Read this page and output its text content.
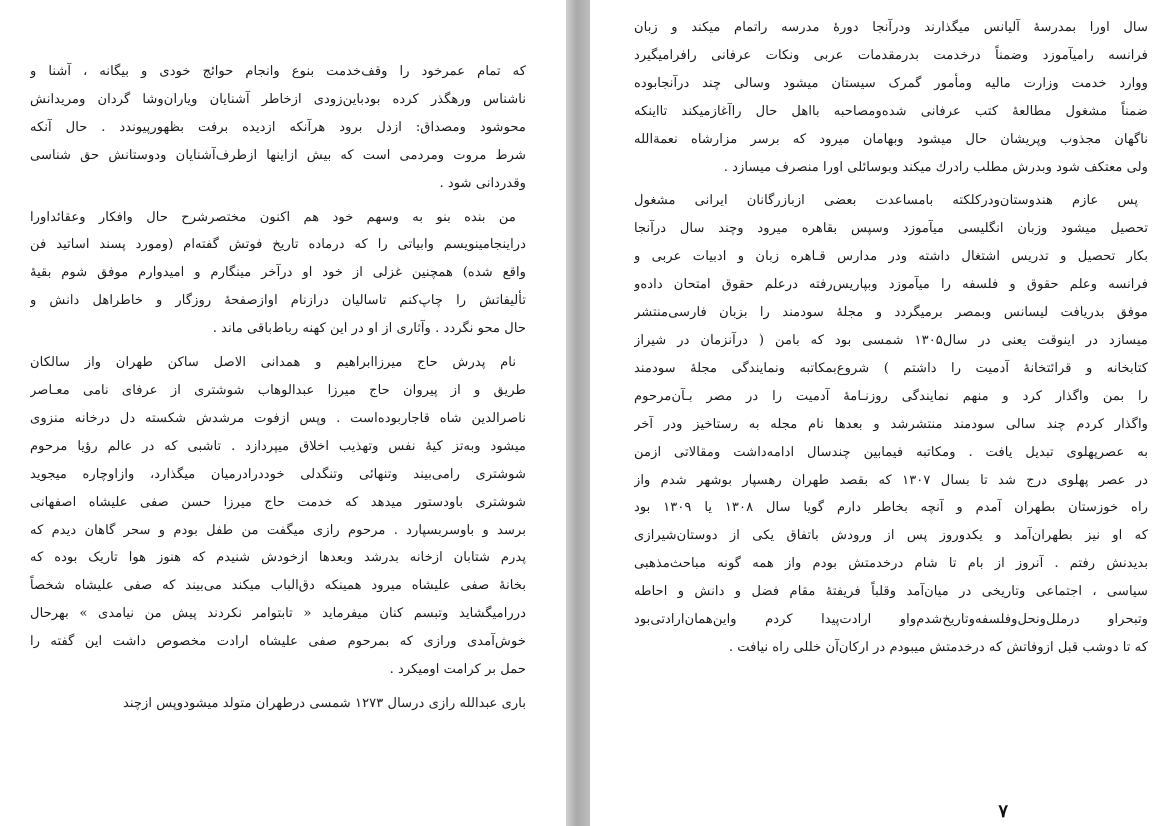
که تمام عمرخود را وقف‌خدمت بنوع وانجام حوائج خودی و بیگانه ، آشنا و
ناشناس ورهگذر کرده بود‌باین‌زودی ازخاطر آشنایان ویاران‌وشا گردان ومریدانش
محو‌شود ومصداق: ازدل برود هر‌آنکه ازدیده برفت بظهور‌پیوندد . حال آنکه
شرط مروت ومردمی است که بیش ازاینها ازطرف‌آشنایان ودوستانش حق شناسی
وقدردانی شود .
من بنده بنو به وسهم خود هم اکنون مختصر‌شرح حال وافکار وعقائد‌اورا
درا‌ینجا‌مینویسم وابیاتی را که درماده تاریخ فوتش گفته‌ام (ومورد پسند اساتید فن
واقع شده) همچنین غزلی از خود او در‌آخر مینگارم و امیدوارم موفق شوم بقیهٔ
تألیفاتش را چاپ‌کنم تاسالیان درازنام اوازصفحهٔ روزگار و خاطراهل دانش و
حال محو نگردد . وآثاری از او در این کهنه رباط‌باقی ماند .
نام پدرش حاج میرزاابراهیم و همدانی الاصل ساکن طهران واز سالکان
طریق و از پیروان حاج میرزا عبدالوهاب شوشتری از عرفای نامی معـاصر
ناصرالدین شاه قاجاربوده‌است . وپس ازفوت مرشدش شکسته دل درخانه منزوی
میشود وبه‌تز کیهٔ نفس وتهذیب اخلاق میپردازد . تاشبی که در عالم رؤیا مرحوم
شوشتری رامی‌بیند وتنهائی وتنگدلی خوددرا‌درمیان میگذارد، وازاوچاره میجوید
شوشتری باو‌دستور میدهد که خدمت حاج میرزا حسن صفی علیشاه اصفهانی
برسد و باو‌سر‌بسپارد . مرحوم رازی میگفت من طفل بودم و سحر گاهان دیدم که
پدرم شتابان ازخانه بدرشد وبعدها ازخودش شنیدم که هنوز هوا تاریک بوده که
بخانهٔ صفی علیشاه میرود همینکه دق‌الباب میکند می‌بیند که صفی علیشاه شخصاً
دررامیگشاید وتبسم کنان میفرماید « تابتوامر نکردند پیش من نیامدی » بهرحال
خوش‌آمدی ورازی که بمرحوم صفی علیشاه ارادت مخصوص داشت این گفته را
حمل بر کرامت اومیکرد .
باری عبدالله رازی درسال ۱۲۷۳ شمسی درطهران متولد میشودو‌پس ازچند
سال اورا بمدرسهٔ آلیانس میگذارند ودر‌آنجا دورهٔ مدرسه راتمام میکند و زبان
فرانسه رامیآموزد وضمناً درخدمت بدرمقدمات عربی ونکات عرفانی رافرامیگیرد
ووارد خدمت وزارت مالیه ومأمور گمرک سیستان میشود وسالی چند در‌آنجابوده
ضمناً مشغول مطالعهٔ کتب عرفانی شده‌ومصاحبه بااهل حال راآغازمیکند تااینکه
ناگهان مجذوب وپریشان حال میشود وبهامان میرود که برسر مزارشاه نعمةالله
ولی معتکف شود وبدرش مطلب رادرك میکند وبوسائلی اورا منصرف میسازد .
پس عازم هندوستان‌ودر‌کلکته بامساعدت بعضی ازبازر‌گانان ایرانی مشغول
تحصیل میشود وزبان انگلیسی میآموزد وسپس بقاهره میرود وچند سال در‌آنجا
بکار تحصیل و تدریس اشتغال داشته ودر مدارس قـاهره زبان و ادبیات عربی و
فرانسه وعلم حقوق و فلسفه را میآموزد وبپاریس‌رفته درعلم حقوق امتحان داده‌و
موفق بدریافت لیسانس وبمصر برمیگردد و مجلهٔ سودمند را بزبان فارسی‌منتشر
میسازد در اینوقت یعنی در سال۱۳۰۵ شمسی بود که بامن ( درآنزمان در شیراز
کتابخانه و قرائتخانهٔ آدمیت را داشتم ) شروع‌بمکاتبه ونمایندگی مجلهٔ سودمند
را بمن واگذار کرد و منهم نمایندگی روزنـامهٔ آدمیت را در مصر بـآن‌مرحوم
واگذار کردم چند سالی سودمند منتشرشد و بعدها نام مجله به رستاخیز ودر آخر
به عصرپهلوی تبدیل یافت . ومکاتبه فیمابین چندسال ادامه‌داشت ومقالاتی ازمن
در عصر پهلوی درج شد تا بسال ۱۳۰۷ که بقصد طهران رهسپار بوشهر شدم واز
راه خوزستان بطهران آمدم و آنچه بخاطر دارم گویا سال ۱۳۰۸ یا ۱۳۰۹ بود
که او نیز بطهران‌آمد و یکدوروز پس از ورودش باتفاق یکی از دوستان‌شیرازی
بدیدنش رفتم . آنروز از بام تا شام درخدمتش بودم واز همه گونه مباحث‌مذهبی
سیاسی ، اجتماعی وتاریخی در میان‌آمد وقلباً فریفتهٔ مقام فضل و دانش و احاطه
وتبحراو درملل‌ونحل‌وفلسفه‌وتاریخ‌شدم‌واو ارادت‌پیدا کردم واین‌همان‌ارادتی‌بود
که تا دوشب قبل ازوفاتش که درخدمتش میبودم در ارکان‌آن خللی راه نیافت .
۷
